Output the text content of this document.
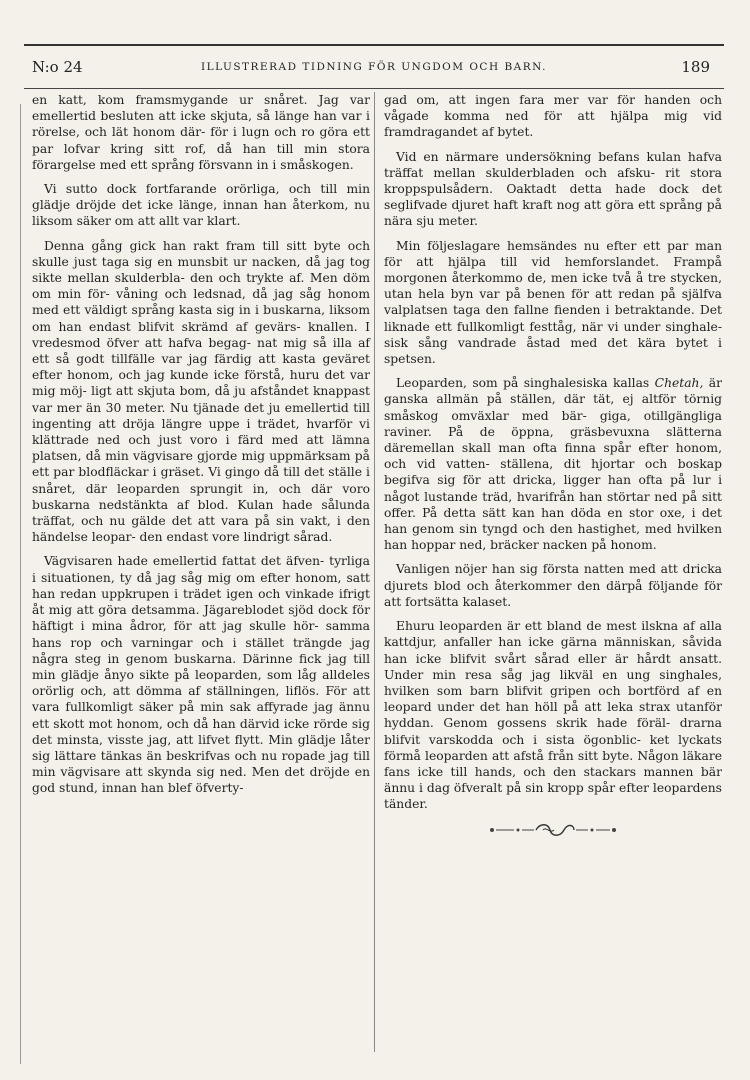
N:o 24	ILLUSTRERAD TIDNING FÖR UNGDOM OCH BARN.	189

en katt, kom framsmygande ur snåret. Jag var emellertid besluten att icke skjuta, så länge han var i rörelse, och lät honom där- för i lugn och ro göra ett par lofvar kring sitt rof, då han till min stora förargelse med ett språng försvann in i småskogen.

Vi sutto dock fortfarande orörliga, och till min glädje dröjde det icke länge, innan han återkom, nu liksom säker om att allt var klart.

Denna gång gick han rakt fram till sitt byte och skulle just taga sig en munsbit ur nacken, då jag tog sikte mellan skulderbla- den och trykte af. Men döm om min för- våning och ledsnad, då jag såg honom med ett väldigt språng kasta sig in i buskarna, liksom om han endast blifvit skrämd af gevärs- knallen. I vredesmod öfver att hafva begag- nat mig så illa af ett så godt tillfälle var jag färdig att kasta geväret efter honom, och jag kunde icke förstå, huru det var mig möj- ligt att skjuta bom, då ju afståndet knappast var mer än 30 meter. Nu tjänade det ju emellertid till ingenting att dröja längre uppe i trädet, hvarför vi klättrade ned och just voro i färd med att lämna platsen, då min vägvisare gjorde mig uppmärksam på ett par blodfläckar i gräset. Vi gingo då till det ställe i snåret, där leoparden sprungit in, och där voro buskarna nedstänkta af blod. Kulan hade sålunda träffat, och nu gälde det att vara på sin vakt, i den händelse leopar- den endast vore lindrigt sårad.

Vägvisaren hade emellertid fattat det äfven- tyrliga i situationen, ty då jag såg mig om efter honom, satt han redan uppkrupen i trädet igen och vinkade ifrigt åt mig att göra detsamma. Jägareblodet sjöd dock för häftigt i mina ådror, för att jag skulle hör- samma hans rop och varningar och i stället trängde jag några steg in genom buskarna. Därinne fick jag till min glädje ånyo sikte på leoparden, som låg alldeles orörlig och, att dömma af ställningen, liflös. För att vara fullkomligt säker på min sak affyrade jag ännu ett skott mot honom, och då han därvid icke rörde sig det minsta, visste jag, att lifvet flytt. Min glädje låter sig lättare tänkas än beskrifvas och nu ropade jag till min vägvisare att skynda sig ned. Men det dröjde en god stund, innan han blef öfverty-

gad om, att ingen fara mer var för handen och vågade komma ned för att hjälpa mig vid framdragandet af bytet.

Vid en närmare undersökning befans kulan hafva träffat mellan skulderbladen och afsku- rit stora kroppspulsådern. Oaktadt detta hade dock det seglifvade djuret haft kraft nog att göra ett språng på nära sju meter.

Min följeslagare hemsändes nu efter ett par man för att hjälpa till vid hemforslandet. Frampå morgonen återkommo de, men icke två å tre stycken, utan hela byn var på benen för att redan på själfva valplatsen taga den fallne fienden i betraktande. Det liknade ett fullkomligt festtåg, när vi under singhale- sisk sång vandrade åstad med det kära bytet i spetsen.

Leoparden, som på singhalesiska kallas Chetah, är ganska allmän på ställen, där tät, ej altför törnig småskog omväxlar med bär- giga, otillgängliga raviner. På de öppna, gräsbevuxna slätterna däremellan skall man ofta finna spår efter honom, och vid vatten- ställena, dit hjortar och boskap begifva sig för att dricka, ligger han ofta på lur i något lustande träd, hvarifrån han störtar ned på sitt offer. På detta sätt kan han döda en stor oxe, i det han genom sin tyngd och den hastighet, med hvilken han hoppar ned, bräcker nacken på honom.

Vanligen nöjer han sig första natten med att dricka djurets blod och återkommer den därpå följande för att fortsätta kalaset.

Ehuru leoparden är ett bland de mest ilskna af alla kattdjur, anfaller han icke gärna människan, såvida han icke blifvit svårt sårad eller är hårdt ansatt. Under min resa såg jag likväl en ung singhales, hvilken som barn blifvit gripen och bortförd af en leopard under det han höll på att leka strax utanför hyddan. Genom gossens skrik hade föräl- drarna blifvit varskodda och i sista ögonblic- ket lyckats förmå leoparden att afstå från sitt byte. Någon läkare fans icke till hands, och den stackars mannen bär ännu i dag öfveralt på sin kropp spår efter leopardens tänder.
